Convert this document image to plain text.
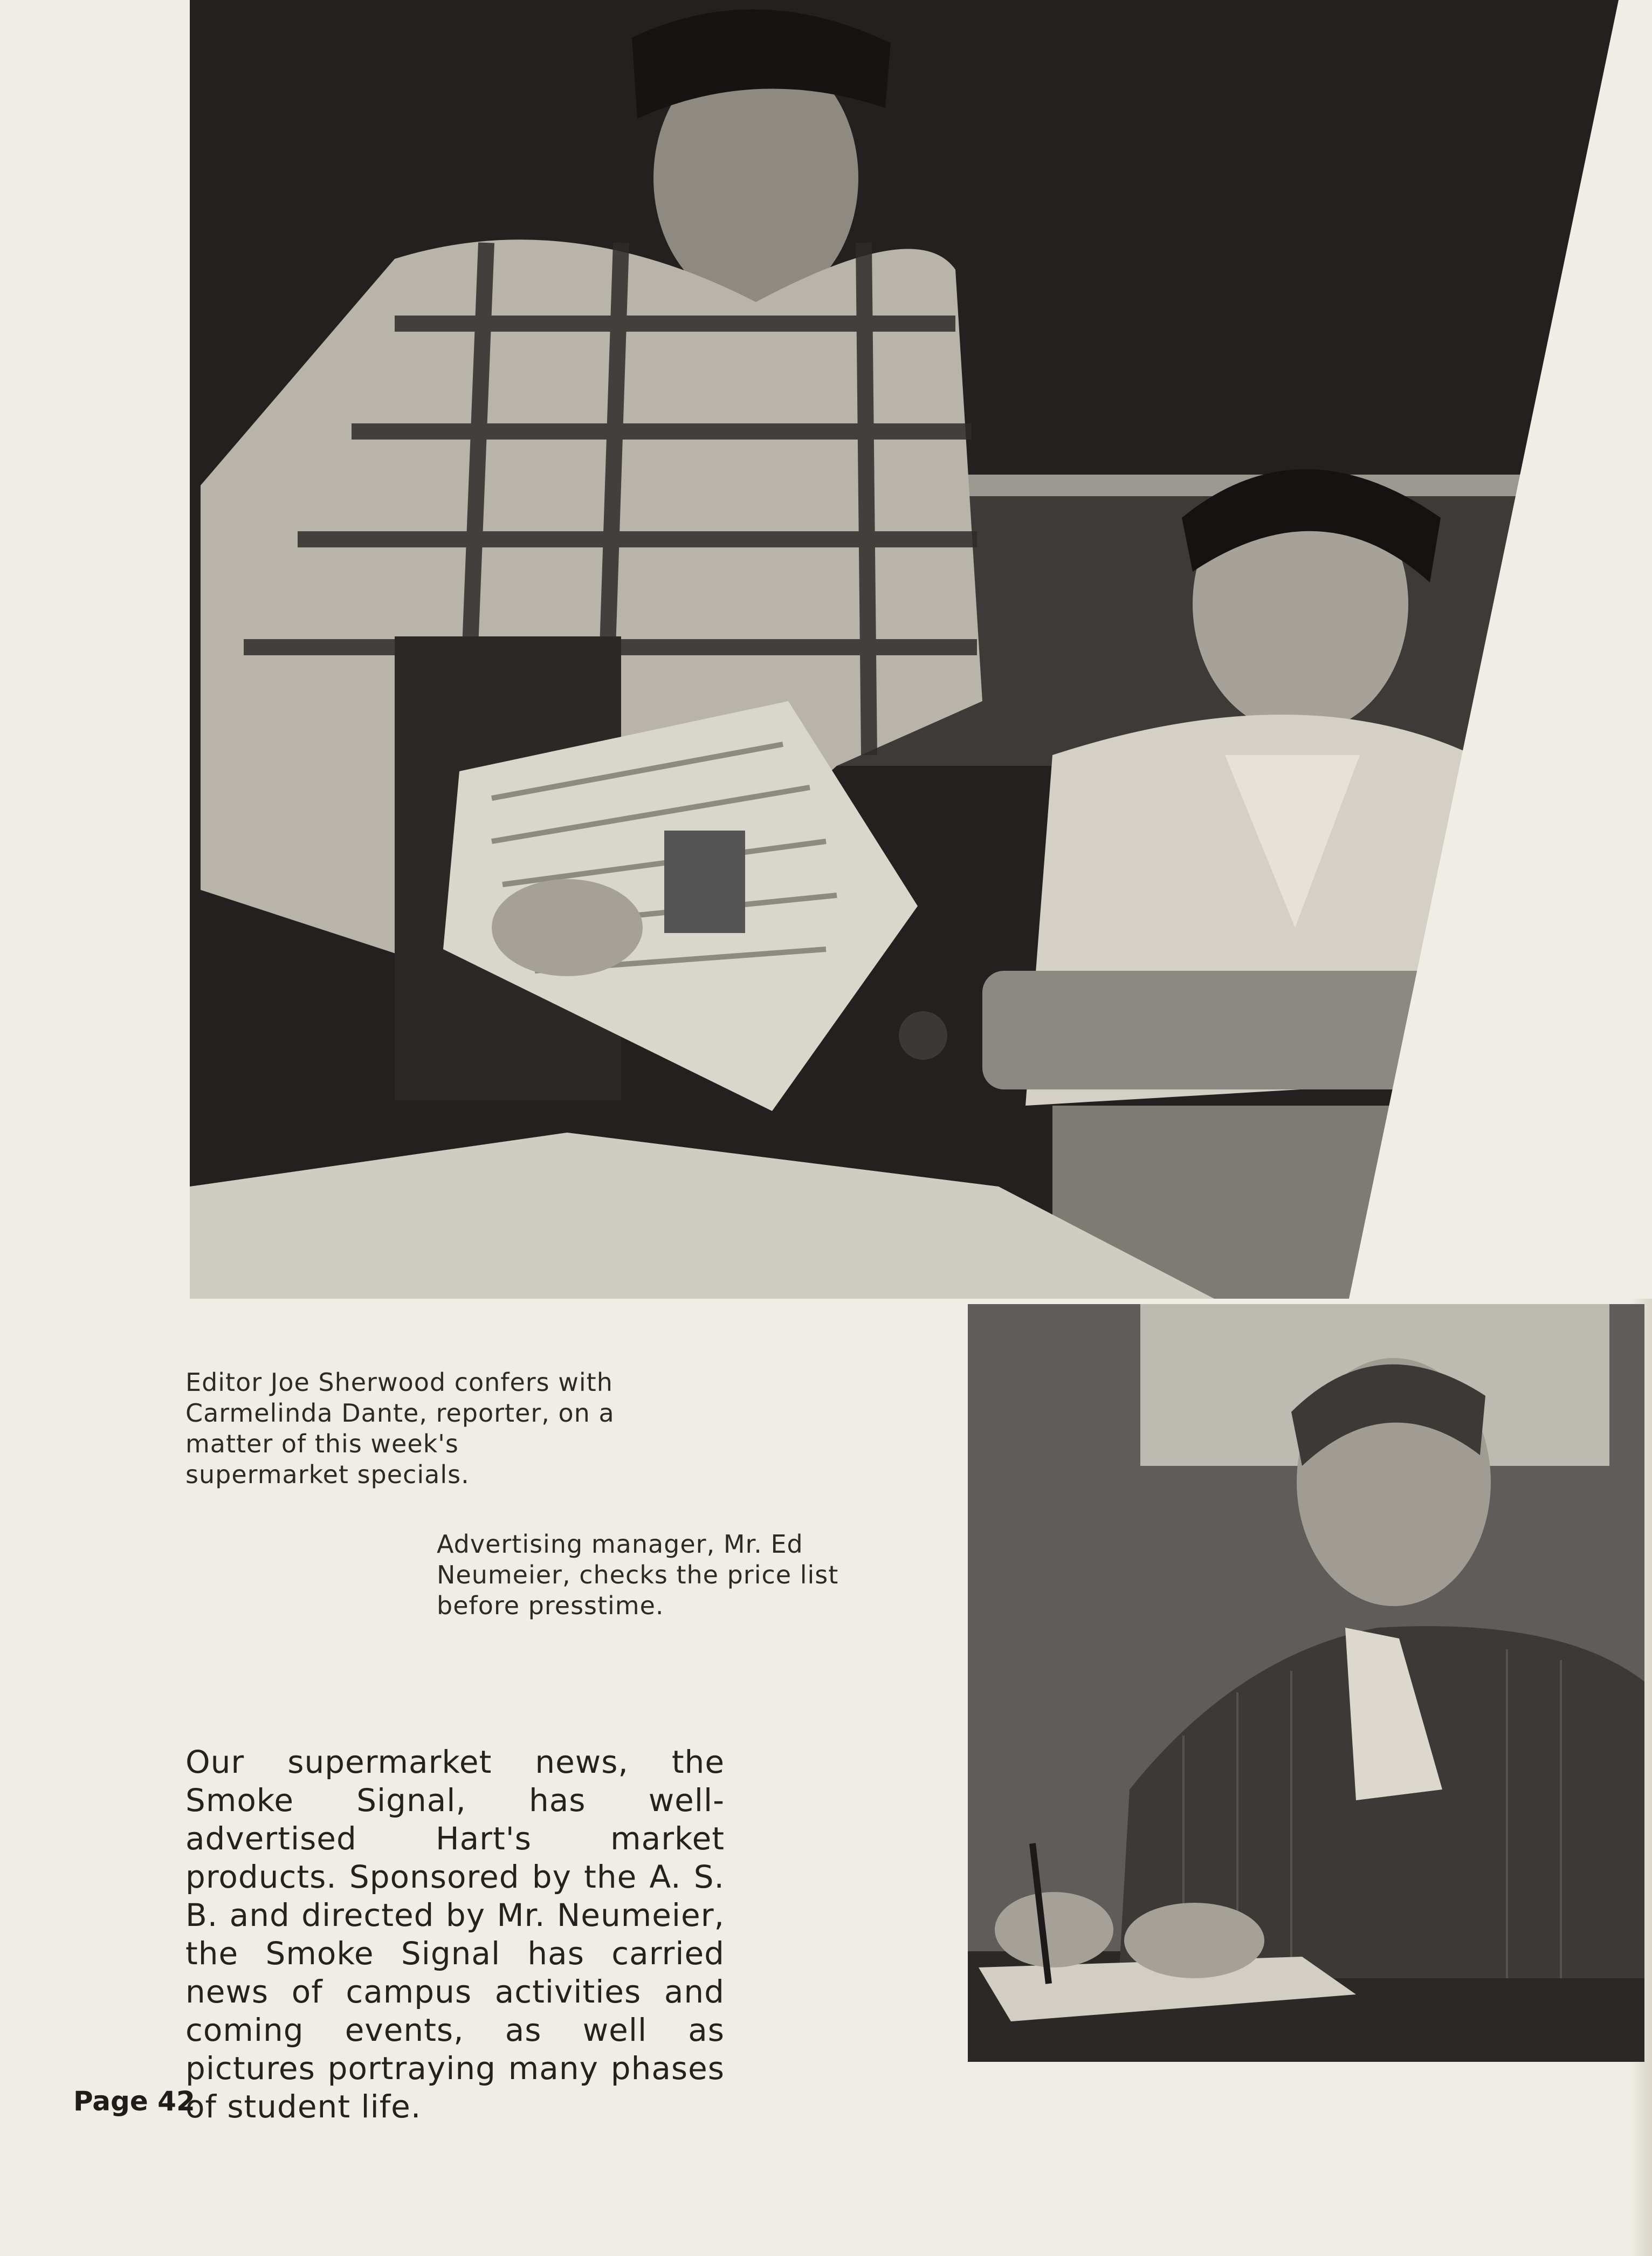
Editor Joe Sherwood confers with Carmelinda Dante, reporter, on a matter of this week's supermarket specials.
Advertising manager, Mr. Ed Neumeier, checks the price list before presstime.
Our supermarket news, the Smoke Signal, has well-advertised Hart's market products. Sponsored by the A. S. B. and directed by Mr. Neumeier, the Smoke Signal has carried news of campus activities and coming events, as well as pictures portraying many phases of student life.
Page 42
